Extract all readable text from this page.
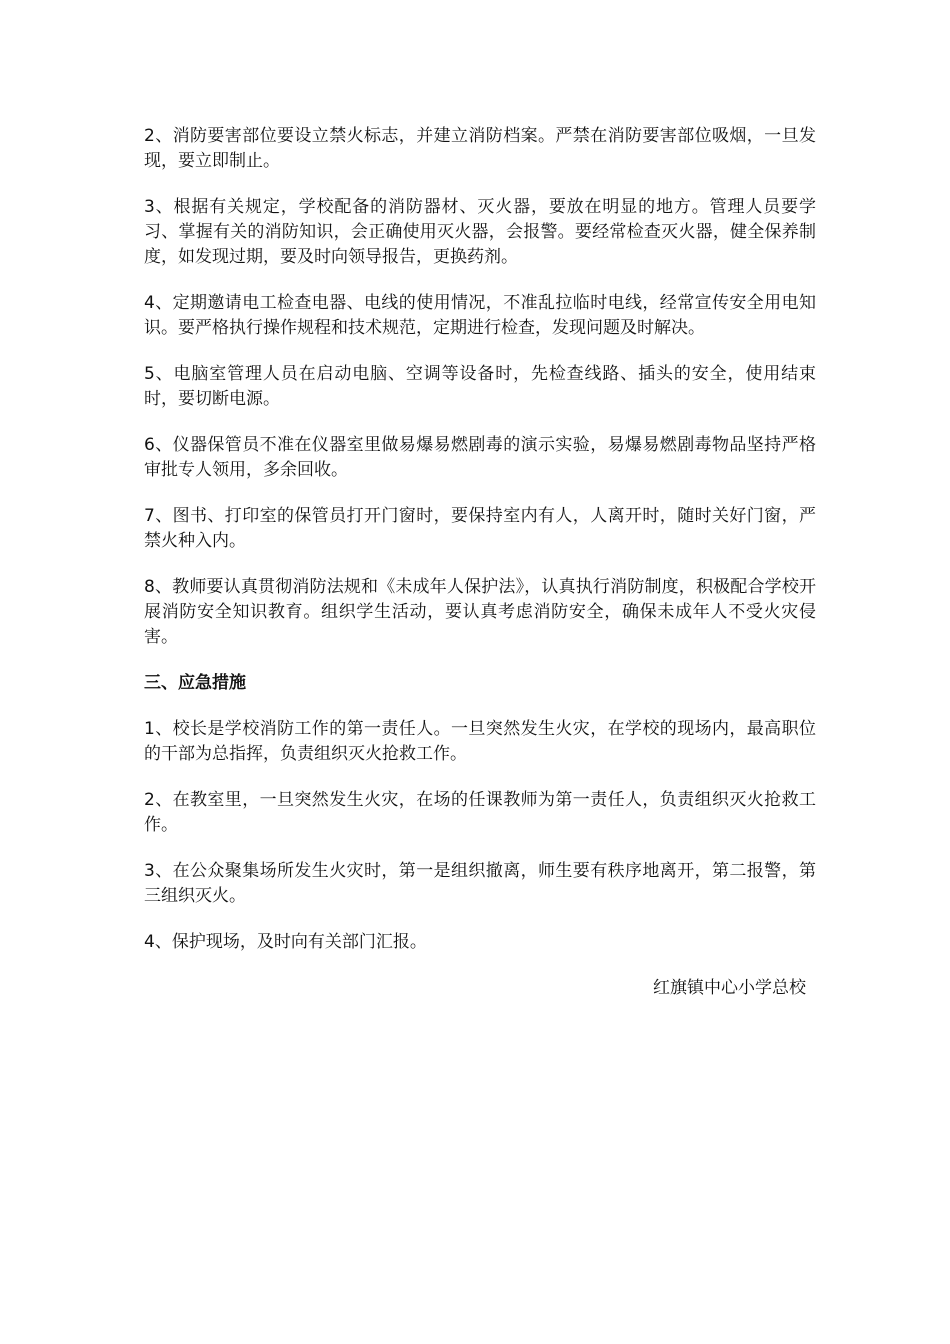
2、消防要害部位要设立禁火标志，并建立消防档案。严禁在消防要害部位吸烟，一旦发现，要立即制止。

3、根据有关规定，学校配备的消防器材、灭火器，要放在明显的地方。管理人员要学习、掌握有关的消防知识，会正确使用灭火器，会报警。要经常检查灭火器，健全保养制度，如发现过期，要及时向领导报告，更换药剂。

4、定期邀请电工检查电器、电线的使用情况，不准乱拉临时电线，经常宣传安全用电知识。要严格执行操作规程和技术规范，定期进行检查，发现问题及时解决。

5、电脑室管理人员在启动电脑、空调等设备时，先检查线路、插头的安全，使用结束时，要切断电源。

6、仪器保管员不准在仪器室里做易爆易燃剧毒的演示实验，易爆易燃剧毒物品坚持严格审批专人领用，多余回收。

7、图书、打印室的保管员打开门窗时，要保持室内有人，人离开时，随时关好门窗，严禁火种入内。

8、教师要认真贯彻消防法规和《未成年人保护法》，认真执行消防制度，积极配合学校开展消防安全知识教育。组织学生活动，要认真考虑消防安全，确保未成年人不受火灾侵害。

三、应急措施

1、校长是学校消防工作的第一责任人。一旦突然发生火灾，在学校的现场内，最高职位的干部为总指挥，负责组织灭火抢救工作。

2、在教室里，一旦突然发生火灾，在场的任课教师为第一责任人，负责组织灭火抢救工作。

3、在公众聚集场所发生火灾时，第一是组织撤离，师生要有秩序地离开，第二报警，第三组织灭火。

4、保护现场，及时向有关部门汇报。

红旗镇中心小学总校
